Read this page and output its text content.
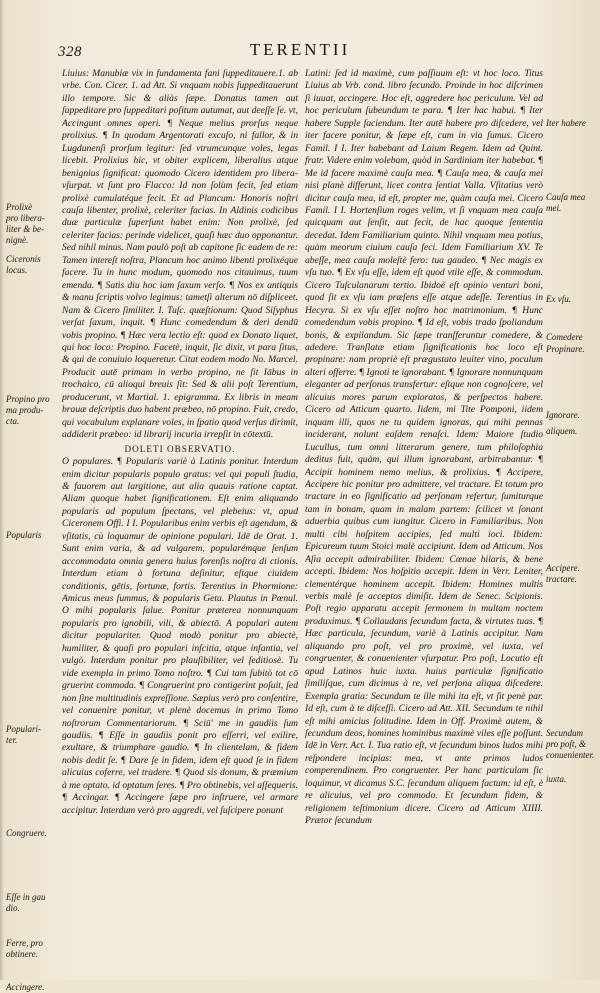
328	TERENTII
Prolixè
pro libera-
liter & be-
nignè.
Ciceronis
locus.
Propino pro
ma produ-
cta.
Popularis
Populari-
ter.
Congruere.
Eſſe in gau
dio.
Ferre, pro
obtinere.
Accingere.

Liuius: Manubiæ vix in fundamenta fani ſuppeditauere.1. ab vrbe. Con. Cicer. 1. ad Att. Si vnquam nobis ſuppeditauerunt illo tempore. Sic & aliàs ſæpe. Donatus tamen aut ſuppeditare pro ſuppeditari poſitum autumat, aut deeſſe ſe. vt, Accingunt omnes operi. ¶ Neque melius prorſus neque prolixius. ¶ In quodam Argentorati excuſo, ni fallor, & in Lugdunenſi prorſum legitur: ſed vtrumcunque voles, legas licebit. Prolixius hic, vt obiter explicem, liberalius atque benignius ſignificat: quomodo Cicero identidem pro libera- vſurpat. vt ſunt pro Flacco: Id non ſolùm fecit, ſed etiam prolixè cumulatéque fecit. Et ad Plancum: Honoris noſtri cauſa libenter, prolixè, celeriter facias. In Aldinis codicibus duæ particulæ ſuperſunt habet enim: Non prolixè, ſed celeriter facias: perinde videlicet, quaſi hæc duo opponantur. Sed nihil minus. Nam paulò poſt ab capitone ſic eadem de re: Tamen intereſt noſtra, Plancum hoc animo libenti prolixéque facere. Tu in hunc modum, quomodo nos citauimus, tuum emenda. ¶ Satis diu hoc iam ſaxum verſo. ¶ Nos ex antiquis & manu ſcriptis volvo legimus: tametſi alterum nō diſpliceet. Nam & Cicero ſimiliter. I. Tuſc. quæſtionum: Quod Siſyphus verſat ſaxum, inquit. ¶ Hunc comedendum & deri dendū vobis propino. ¶ Hæc vera lectio eſt: quod ex Donato liquet, qui hoc loco: Propino. Facetè, inquit, ſic dixit, vt para ſitus, & qui de conuiuio loqueretur. Citat eodem modo No. Marcel. Producit autē primam in verbo propino, ne ſit Iābus in trochaico, cū alioqui breuis ſit: Sed & alii poſt Terentium, producerunt, vt Martial. 1. epigramma. Ex libris in meam brauæ deſcriptis duo habent præbeo, nō propino. Fuit, credo, qui vocabulum explanare voles, in ſpatio quod verſus dirimit, addiderit præbeo: id librarij incuria irrepſit in cōtextū.

DOLETI OBSERVATIO.

O populares. ¶ Popularis variè à Latinis ponitur. Interdum enim dicitur popularis populo gratus: vel qui populi ſtudia, & fauorem aut largitione, aut alia quauis ratione captat. Aliam quoque habet ſignificationem. Eſt enim aliquando popularis ad populum ſpectans, vel plebeius: vt, apud Ciceronem Offi. I I. Popularibus enim verbis eſt agendum, & vſitatis, cù loquamur de opinione populari. Idē de Orat. 1. Sunt enim varia, & ad vulgarem, popularémque ſenſum accommodata omnia genera huius forenſis noſtra di ctionis. Interdum etiam à fortuna deſinitur, eſtque ciuidem conditionis, gētis, fortunæ, fortis. Terentius in Phormione: Amicus meus ſummus, & popularis Geta. Plautus in Pœnul. O mihi popularis ſalue. Ponitur præterea nonnunquam popularis pro ignobili, vili, & abiectō. A populari autem dicitur populariter. Quod modò ponitur pro abiectè, humiliter, & quaſi pro populari inſcitia, atque infantia, vel vulgò. Interdum ponitur pro plauſibiliter, vel ſeditiosè. Tu vide exempla in primo Tomo noſtro. ¶ Cui tam ſubitò tot cō gruerint commoda. ¶ Congruerint pro contigerint poſuit, ſed non ſine multitudinis expreſſione. Sæpius verò pro conſentire, vel conuenire ponitur, vt plenè docemus in primo Tomo noſtrorum Commentariorum. ¶ Sciū' me in gaudiis ſum gaudiis. ¶ Eſſe in gaudiis ponit pro eſſerri, vel exilire, exultare, & triumphare gaudio. ¶ In clientelam, & fidem nobis dedit ſe. ¶ Dare ſe in fidem, idem eſt quod ſe in fidem alicuius coferre, vel tradere. ¶ Quod sis donum, & præmium à me optato. id optatum ſeres. ¶ Pro obtinebis, vel aſſequeris. ¶ Accingar. ¶ Accingere ſæpe pro inſtruere, vel armare accipitur. Interdum verò pro aggredi, vel ſuſcipere ponunt

Latini: ſed id maximè, cum paſſiuum eſt: vt hoc loco. Titus Liuius ab Vrb. cond. libro ſecundo. Proinde in hoc diſcrimen ſi iuuat, accingere. Hoc eſt, aggredere hoc periculum. Vel ad hoc periculum ſubeundum te para. ¶ Iter hac habui. ¶ Iter habere Supple faciendum. Iter autē habere pro diſcedere, vel iter facere ponitur, & ſæpe eſt, cum in via ſumus. Cicero Famil. I I. Iter habebant ad Laium Regem. Idem ad Quint. fratr. Videre enim volebam, quòd in Sardiniam iter habebat. ¶ Me id facere maximè cauſa mea. ¶ Cauſa mea, & cauſa mei nisi planè differunt, licet contra ſentiat Valla. Vſitatius verò dicitur cauſa mea, id eſt, propter me, quàm cauſa mei. Cicero Famil. I I. Hortenſium roges velim, vt ſi vnquam mea cauſa quicquam aut ſenſit, aut fecit, de hac quoque ſententia decedat. Idem Familiarium quinto. Nihil vnquam mea potius, quàm meorum ciuium cauſa feci. Idem Familiarium XV. Te abeſſe, mea cauſa moleſtè fero: tua gaudeo. ¶ Nec magis ex vſu tuo. ¶ Ex vſu eſſe, idem eſt quod vtile eſſe, & commodum. Cicero Tuſculanarum tertio. Ibidoë eſt opinio venturi boni, quod ſit ex vſu iam præſens eſſe atque adeſſe. Terentius in Hecyra. Si ex vſu eſſet noſtro hoc matrimonium. ¶ Hunc comedendum vobis propino. ¶ Id eſt, vobis trado ſpoliandum bonis, & expilandum. Sic ſæpe tranſferuntur comedere, & adedere. Tranſlatæ etiam ſignificationis hoc loco eſt propinare: nam propriè eſt prægustato leuiter vino, poculum alteri offerre. ¶ Ignoti te ignorabant. ¶ Ignorare nonnunquam eleganter ad perſonas transfertur: eſtque non cognoſcere, vel alicuius mores parum exploratos, & perſpectos habere. Cicero ad Atticum quarto. Iidem, mi Tite Pomponi, iidem inquam illi, quos ne tu quidem ignoras, qui mihi pennas inciderant, nolunt eaſdem renaſci. Idem: Maiore ſtudio Lucullus, tum omni litterarum genere, tum philoſophia deditus fuit, quàm, qui illum ignorabant, arbitrabantur. ¶ Accipit hominem nemo melius, & prolixius. ¶ Accipere, Accipere hic ponitur pro admittere, vel tractare. Et totum pro tractare in eo ſignificatio ad perſonam refertur, ſumiturque tam in bonam, quam in malam partem: ſcilicet vt ſonant aduerbia quibus cum iungitur. Cicero in Familiaribus. Non multi cibi hoſpitem accipies, ſed multi ioci. Ibidem: Epicureum tuum Stoici malè accipiunt. Idem ad Atticum. Nos Aſia accepit admirabiliter. Ibidem: Cœnae hilaris, & bene accepti. Ibidem: Nos hoſpitio accepit. Idem in Verr. Leniter, clementérque hominem accepit. Ibidem: Homines multis verbis malè ſe acceptos dimiſit. Idem de Senec. Scipionis. Poſt regio apparatu accepit ſermonem in multam noctem produximus. ¶ Collaudans ſecundum facta, & virtutes tuas. ¶ Hæc particula, ſecundum, variè à Latinis accipitur. Nam aliquando pro poſt, vel pro proximè, vel iuxta, vel congruenter, & conuenienter vſurpatur. Pro poſt, Locutio eſt apud Latinos huic iuxta. huius particulæ ſignificatio ſimiliſque, cum dicimus à re, vel perſona aliqua diſcedere. Exempla gratia: Secundum te ille mihi ita eſt, vt ſit penè par. Id eſt, cum à te diſceſſi. Cicero ad Att. XII. Secundum te nihil eſt mihi amicius ſolitudine. Idem in Off. Proximè autem, & ſecundum deos, homines hominibus maximè viles eſſe poſſunt. Idē in Verr. Act. I. Tua ratio eſt, vt ſecundum binos ludos mihi reſpondere incipias: mea, vt ante primos ludos comperendinem. Pro congruenter. Per hanc particulam ſic loquimur, vt dicamus S.C. ſecundum aliquem factum: id eſt, è re alicuius, vel pro commodo. Et ſecundum fidem, & religionem teſtimonium dicere. Cicero ad Atticum XIIII. Prætor ſecundum

Iter habere
Cauſa mea
mei.
Ex vſu.
Comedere
Propinare.
Ignorare.
aliquem.
Accipere.
tractare.
Secundum
pro poſt, &
conuenienter.
iuxta.
